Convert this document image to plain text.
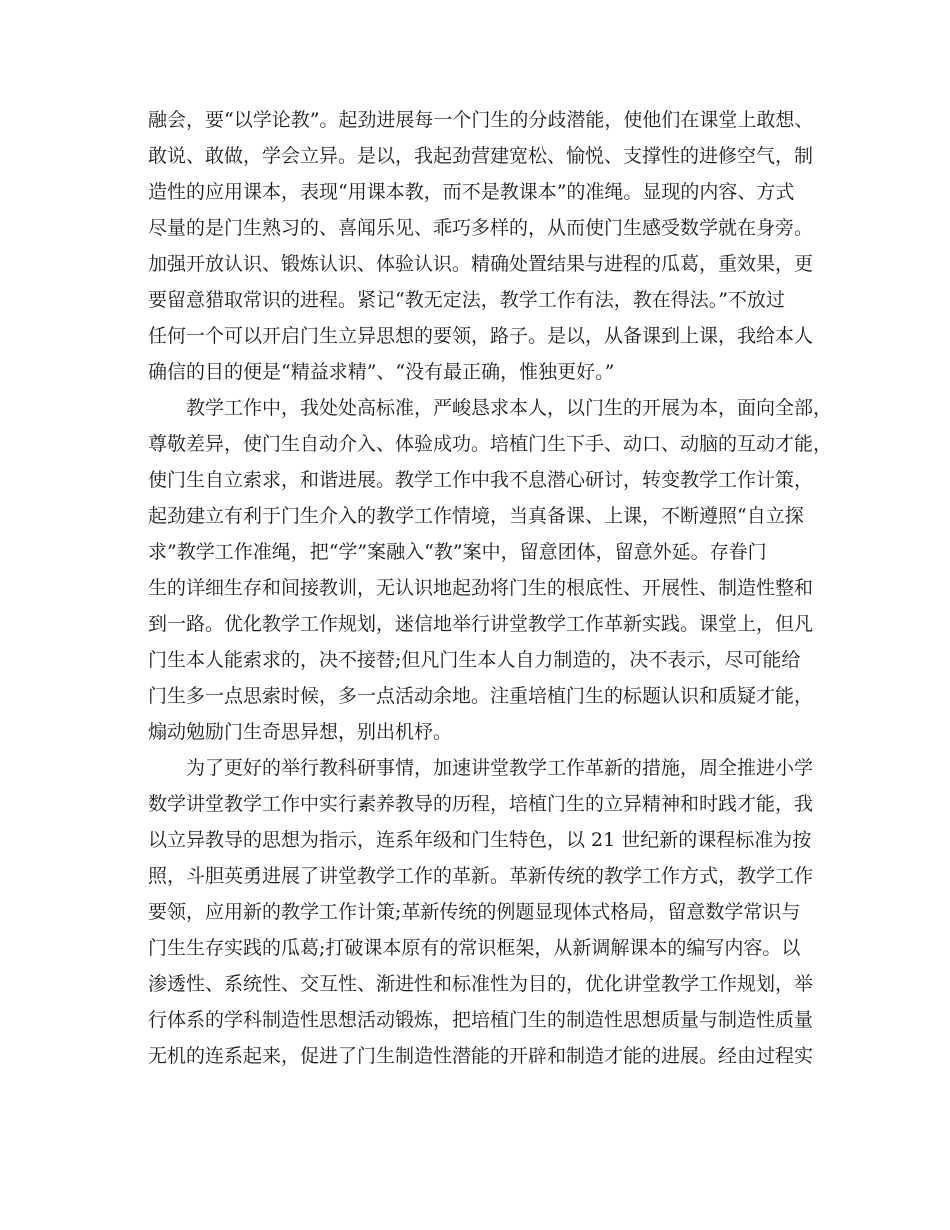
融会，要“以学论教”。起劲进展每一个门生的分歧潜能，使他们在课堂上敢想、
敢说、敢做，学会立异。是以，我起劲营建宽松、愉悦、支撑性的进修空气，制
造性的应用课本，表现“用课本教，而不是教课本”的准绳。显现的内容、方式
尽量的是门生熟习的、喜闻乐见、乖巧多样的，从而使门生感受数学就在身旁。
加强开放认识、锻炼认识、体验认识。精确处置结果与进程的瓜葛，重效果，更
要留意猎取常识的进程。紧记“教无定法，教学工作有法，教在得法。”不放过
任何一个可以开启门生立异思想的要领，路子。是以，从备课到上课，我给本人
确信的目的便是“精益求精”、“没有最正确，惟独更好。”
教学工作中，我处处高标准，严峻恳求本人，以门生的开展为本，面向全部，
尊敬差异，使门生自动介入、体验成功。培植门生下手、动口、动脑的互动才能，
使门生自立索求，和谐进展。教学工作中我不息潜心研讨，转变教学工作计策，
起劲建立有利于门生介入的教学工作情境，当真备课、上课，不断遵照“自立探
求”教学工作准绳，把“学”案融入“教”案中，留意团体，留意外延。存眷门
生的详细生存和间接教训，无认识地起劲将门生的根底性、开展性、制造性整和
到一路。优化教学工作规划，迷信地举行讲堂教学工作革新实践。课堂上，但凡
门生本人能索求的，决不接替;但凡门生本人自力制造的，决不表示，尽可能给
门生多一点思索时候，多一点活动余地。注重培植门生的标题认识和质疑才能，
煽动勉励门生奇思异想，别出机杼。
为了更好的举行教科研事情，加速讲堂教学工作革新的措施，周全推进小学
数学讲堂教学工作中实行素养教导的历程，培植门生的立异精神和时践才能，我
以立异教导的思想为指示，连系年级和门生特色，以 21 世纪新的课程标准为按
照，斗胆英勇进展了讲堂教学工作的革新。革新传统的教学工作方式，教学工作
要领，应用新的教学工作计策;革新传统的例题显现体式格局，留意数学常识与
门生生存实践的瓜葛;打破课本原有的常识框架，从新调解课本的编写内容。以
渗透性、系统性、交互性、渐进性和标准性为目的，优化讲堂教学工作规划，举
行体系的学科制造性思想活动锻炼，把培植门生的制造性思想质量与制造性质量
无机的连系起来，促进了门生制造性潜能的开辟和制造才能的进展。经由过程实
